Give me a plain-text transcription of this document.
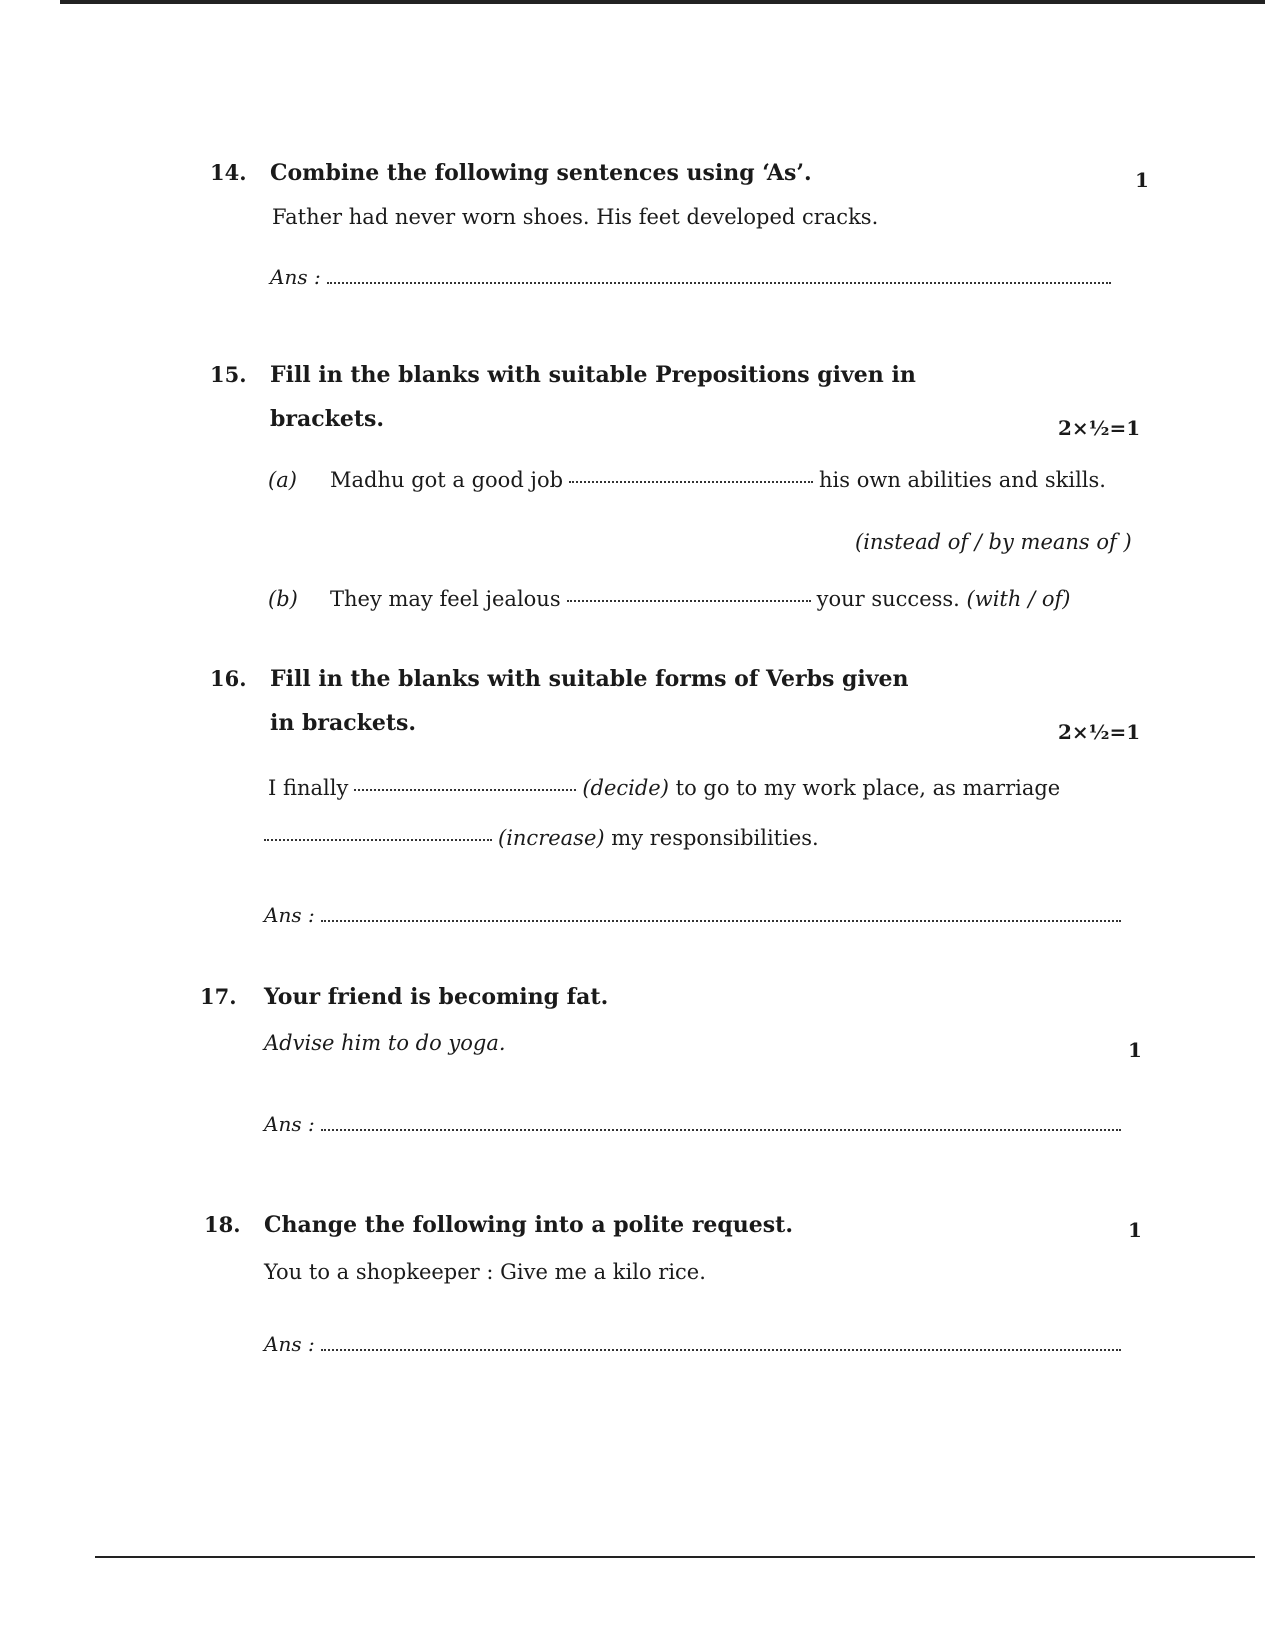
14. Combine the following sentences using ‘As’.	1
Father had never worn shoes. His feet developed cracks.
Ans :
15. Fill in the blanks with suitable Prepositions given in
brackets.	2×½=1
(a) Madhu got a good job	his own abilities and skills.
(instead of / by means of )
(b) They may feel jealous	your success. (with / of)
16. Fill in the blanks with suitable forms of Verbs given
in brackets.	2×½=1
I finally	(decide) to go to my work place, as marriage
(increase) my responsibilities.
Ans :
17. Your friend is becoming fat.
Advise him to do yoga.	1
Ans :
18. Change the following into a polite request.	1
You to a shopkeeper : Give me a kilo rice.
Ans :
